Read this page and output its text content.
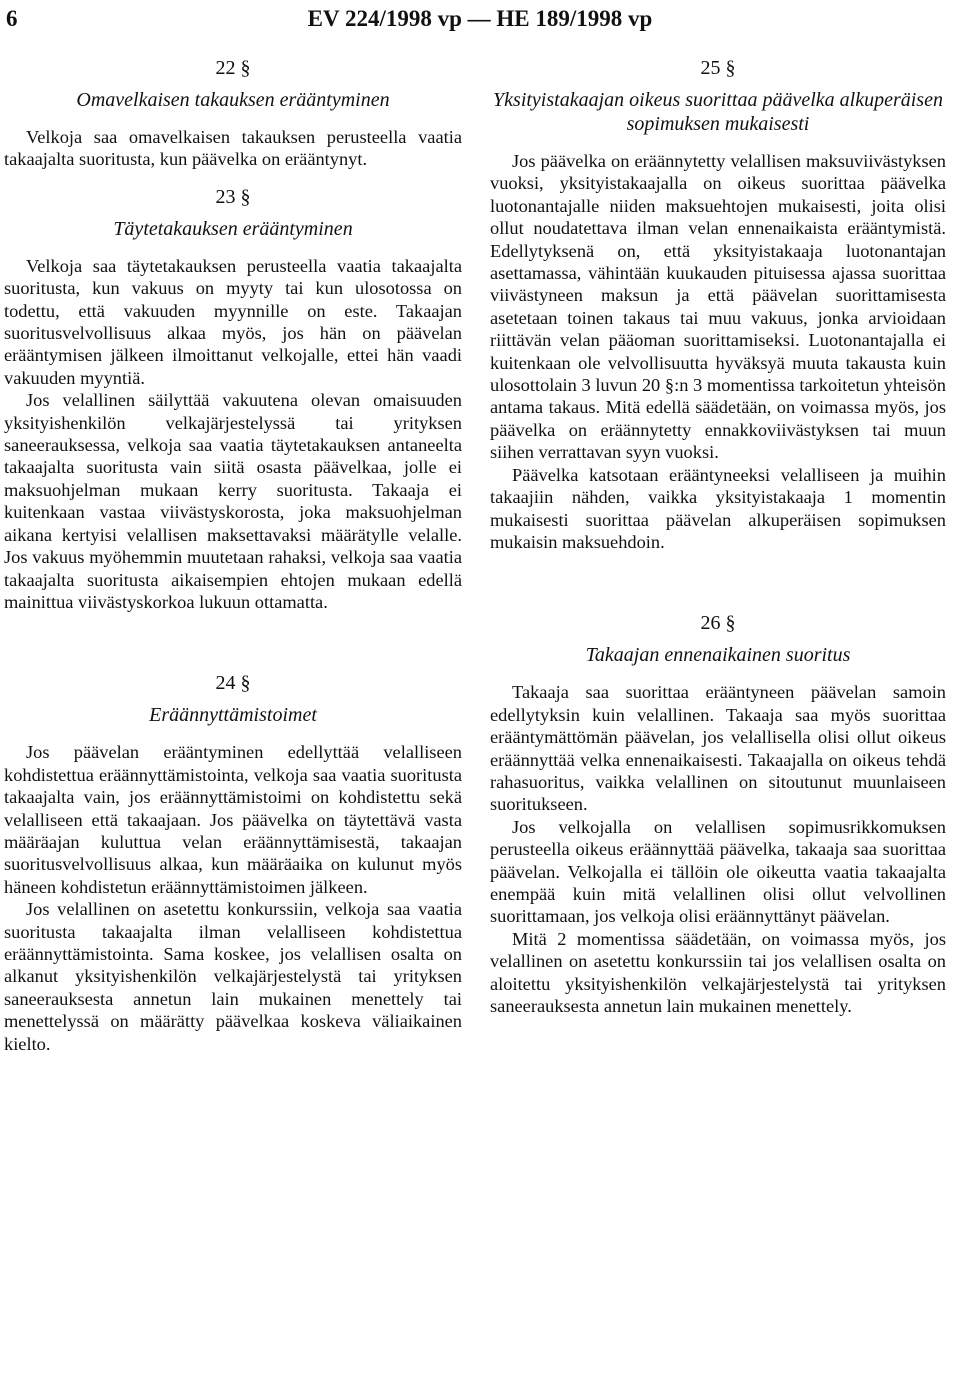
6	EV 224/1998 vp — HE 189/1998 vp
22 §
Omavelkaisen takauksen erääntyminen

Velkoja saa omavelkaisen takauksen perusteella vaatia takaajalta suoritusta, kun päävelka on erääntynyt.

23 §
Täytetakauksen erääntyminen

Velkoja saa täytetakauksen perusteella vaatia takaajalta suoritusta, kun vakuus on myyty tai kun ulosotossa on todettu, että vakuuden myynnille on este. Takaajan suoritusvelvollisuus alkaa myös, jos hän on päävelan erääntymisen jälkeen ilmoittanut velkojalle, ettei hän vaadi vakuuden myyntiä.

Jos velallinen säilyttää vakuutena olevan omaisuuden yksityishenkilön velkajärjestelyssä tai yrityksen saneerauksessa, velkoja saa vaatia täytetakauksen antaneelta takaajalta suoritusta vain siitä osasta päävelkaa, jolle ei maksuohjelman mukaan kerry suoritusta. Takaaja ei kuitenkaan vastaa viivästyskorosta, joka maksuohjelman aikana kertyisi velallisen maksettavaksi määrätylle velalle. Jos vakuus myöhemmin muutetaan rahaksi, velkoja saa vaatia takaajalta suoritusta aikaisempien ehtojen mukaan edellä mainittua viivästyskorkoa lukuun ottamatta.

24 §
Eräännyttämistoimet

Jos päävelan erääntyminen edellyttää velalliseen kohdistettua eräännyttämistointa, velkoja saa vaatia suoritusta takaajalta vain, jos eräännyttämistoimi on kohdistettu sekä velalliseen että takaajaan. Jos päävelka on täytettävä vasta määräajan kuluttua velan eräännyttämisestä, takaajan suoritusvelvollisuus alkaa, kun määräaika on kulunut myös häneen kohdistetun eräännyttämistoimen jälkeen.

Jos velallinen on asetettu konkurssiin, velkoja saa vaatia suoritusta takaajalta ilman velalliseen kohdistettua eräännyttämistointa. Sama koskee, jos velallisen osalta on alkanut yksityishenkilön velkajärjestelystä tai yrityksen saneerauksesta annetun lain mukainen menettely tai menettelyssä on määrätty päävelkaa koskeva väliaikainen kielto.

25 §
Yksityistakaajan oikeus suorittaa päävelka alkuperäisen sopimuksen mukaisesti

Jos päävelka on eräännytetty velallisen maksuviivästyksen vuoksi, yksityistakaajalla on oikeus suorittaa päävelka luotonantajalle niiden maksuehtojen mukaisesti, joita olisi ollut noudatettava ilman velan ennenaikaista erääntymistä. Edellytyksenä on, että yksityistakaaja luotonantajan asettamassa, vähintään kuukauden pituisessa ajassa suorittaa viivästyneen maksun ja että päävelan suorittamisesta asetetaan toinen takaus tai muu vakuus, jonka arvioidaan riittävän velan pääoman suorittamiseksi. Luotonantajalla ei kuitenkaan ole velvollisuutta hyväksyä muuta takausta kuin ulosottolain 3 luvun 20 §:n 3 momentissa tarkoitetun yhteisön antama takaus. Mitä edellä säädetään, on voimassa myös, jos päävelka on eräännytetty ennakkoviivästyksen tai muun siihen verrattavan syyn vuoksi.

Päävelka katsotaan erääntyneeksi velalliseen ja muihin takaajiin nähden, vaikka yksityistakaaja 1 momentin mukaisesti suorittaa päävelan alkuperäisen sopimuksen mukaisin maksuehdoin.

26 §
Takaajan ennenaikainen suoritus

Takaaja saa suorittaa erääntyneen päävelan samoin edellytyksin kuin velallinen. Takaaja saa myös suorittaa erääntymättömän päävelan, jos velallisella olisi ollut oikeus eräännyttää velka ennenaikaisesti. Takaajalla on oikeus tehdä rahasuoritus, vaikka velallinen on sitoutunut muunlaiseen suoritukseen.

Jos velkojalla on velallisen sopimusrikkomuksen perusteella oikeus eräännyttää päävelka, takaaja saa suorittaa päävelan. Velkojalla ei tällöin ole oikeutta vaatia takaajalta enempää kuin mitä velallinen olisi ollut velvollinen suorittamaan, jos velkoja olisi eräännyttänyt päävelan.

Mitä 2 momentissa säädetään, on voimassa myös, jos velallinen on asetettu konkurssiin tai jos velallisen osalta on aloitettu yksityishenkilön velkajärjestelystä tai yrityksen saneerauksesta annetun lain mukainen menettely.
